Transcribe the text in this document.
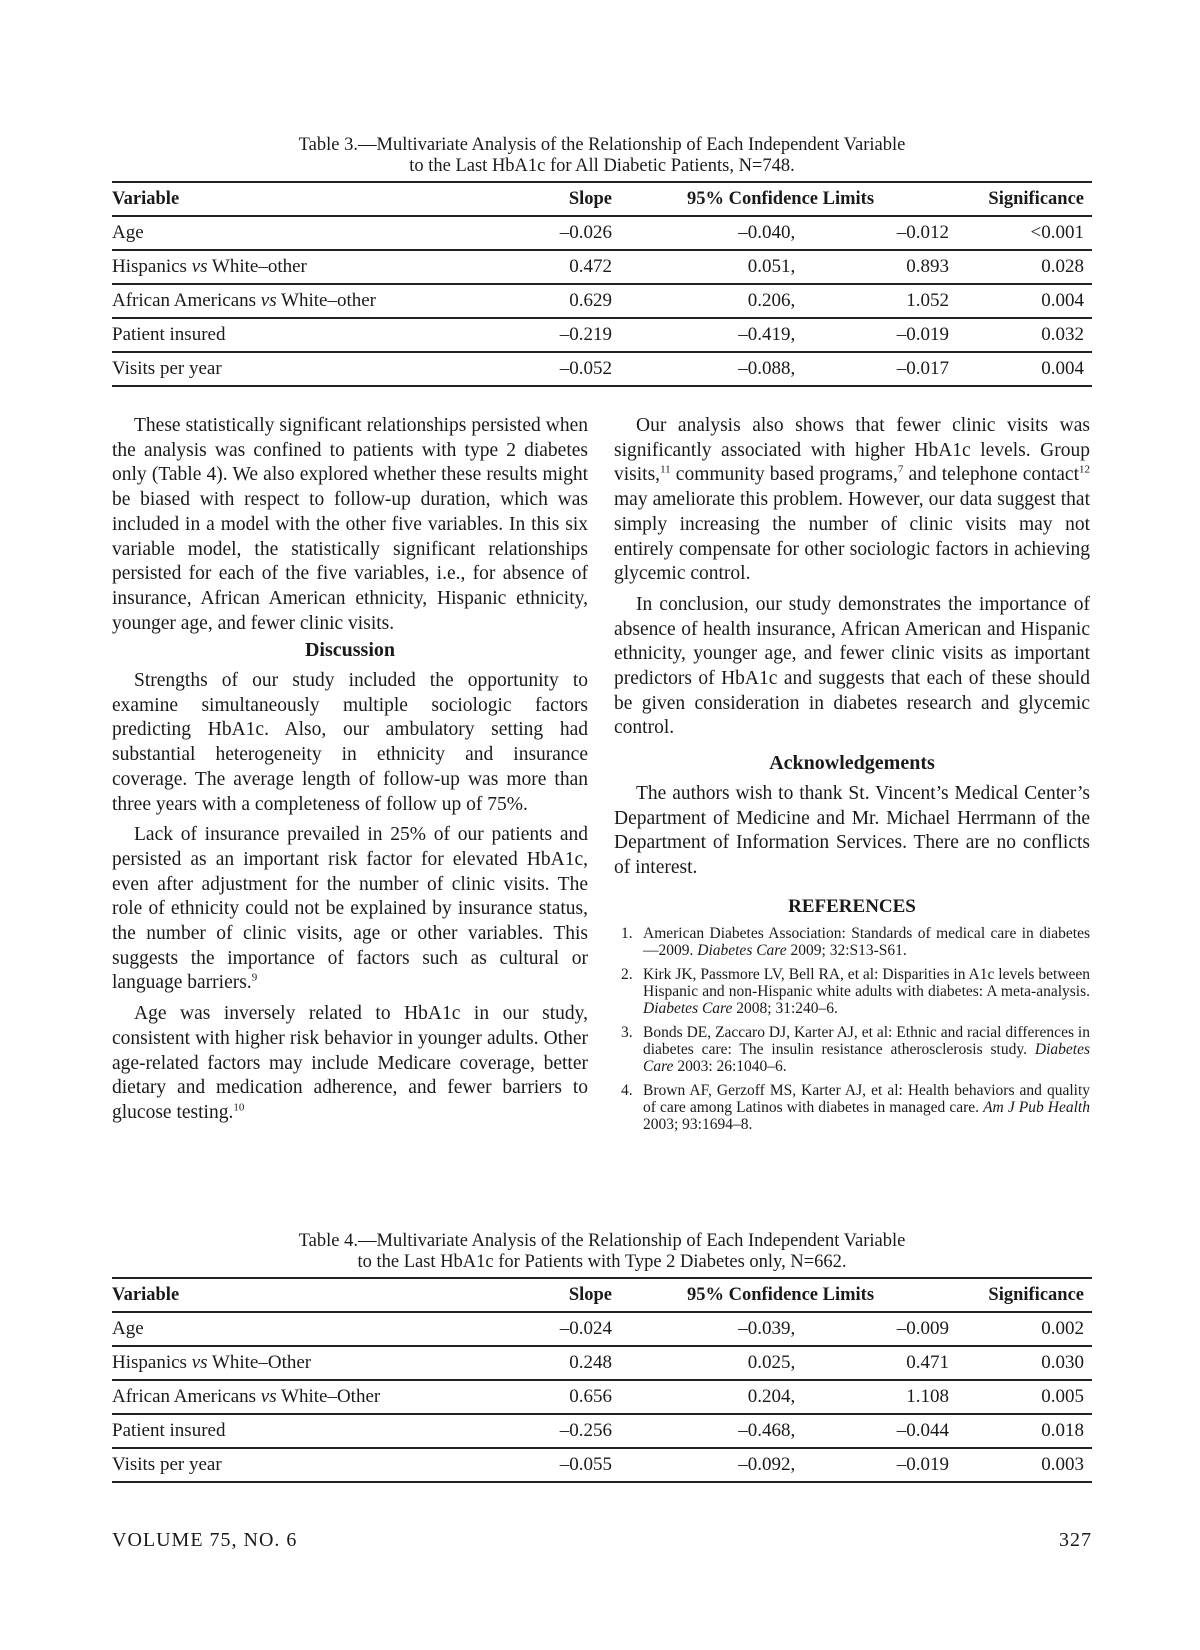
Table 3.—Multivariate Analysis of the Relationship of Each Independent Variable
to the Last HbA1c for All Diabetic Patients, N=748.
Variable	Slope	95% Confidence Limits		Significance
Age	–0.026	–0.040,	–0.012	<0.001
Hispanics vs White–other	0.472	0.051,	0.893	0.028
African Americans vs White–other	0.629	0.206,	1.052	0.004
Patient insured	–0.219	–0.419,	–0.019	0.032
Visits per year	–0.052	–0.088,	–0.017	0.004

These statistically significant relationships persisted when the analysis was confined to patients with type 2 diabetes only (Table 4). We also explored whether these results might be biased with respect to follow-up duration, which was included in a model with the other five variables. In this six variable model, the statistically significant relationships persisted for each of the five variables, i.e., for absence of insurance, African American ethnicity, Hispanic ethnicity, younger age, and fewer clinic visits.

Discussion

Strengths of our study included the opportunity to examine simultaneously multiple sociologic factors predicting HbA1c. Also, our ambulatory setting had substantial heterogeneity in ethnicity and insurance coverage. The average length of follow-up was more than three years with a completeness of follow up of 75%.

Lack of insurance prevailed in 25% of our patients and persisted as an important risk factor for elevated HbA1c, even after adjustment for the number of clinic visits. The role of ethnicity could not be explained by insurance status, the number of clinic visits, age or other variables. This suggests the importance of factors such as cultural or language barriers.$^9$

Age was inversely related to HbA1c in our study, consistent with higher risk behavior in younger adults. Other age-related factors may include Medicare coverage, better dietary and medication adherence, and fewer barriers to glucose testing.$^{10}$

Our analysis also shows that fewer clinic visits was significantly associated with higher HbA1c levels. Group visits,$^{11}$ community based programs,$^7$ and telephone contact$^{12}$ may ameliorate this problem. However, our data suggest that simply increasing the number of clinic visits may not entirely compensate for other sociologic factors in achieving glycemic control.

In conclusion, our study demonstrates the importance of absence of health insurance, African American and Hispanic ethnicity, younger age, and fewer clinic visits as important predictors of HbA1c and suggests that each of these should be given consideration in diabetes research and glycemic control.

Acknowledgements

The authors wish to thank St. Vincent’s Medical Center’s Department of Medicine and Mr. Michael Herrmann of the Department of Information Services. There are no conflicts of interest.

REFERENCES
1. American Diabetes Association: Standards of medical care in diabetes—2009. Diabetes Care 2009; 32:S13-S61.
2. Kirk JK, Passmore LV, Bell RA, et al: Disparities in A1c levels between Hispanic and non-Hispanic white adults with diabetes: A meta-analysis. Diabetes Care 2008; 31:240–6.
3. Bonds DE, Zaccaro DJ, Karter AJ, et al: Ethnic and racial differences in diabetes care: The insulin resistance atherosclerosis study. Diabetes Care 2003: 26:1040–6.
4. Brown AF, Gerzoff MS, Karter AJ, et al: Health behaviors and quality of care among Latinos with diabetes in managed care. Am J Pub Health 2003; 93:1694–8.
Table 4.—Multivariate Analysis of the Relationship of Each Independent Variable
to the Last HbA1c for Patients with Type 2 Diabetes only, N=662.
Variable	Slope	95% Confidence Limits		Significance
Age	–0.024	–0.039,	–0.009	0.002
Hispanics vs White–Other	0.248	0.025,	0.471	0.030
African Americans vs White–Other	0.656	0.204,	1.108	0.005
Patient insured	–0.256	–0.468,	–0.044	0.018
Visits per year	–0.055	–0.092,	–0.019	0.003
VOLUME 75, NO. 6	327
